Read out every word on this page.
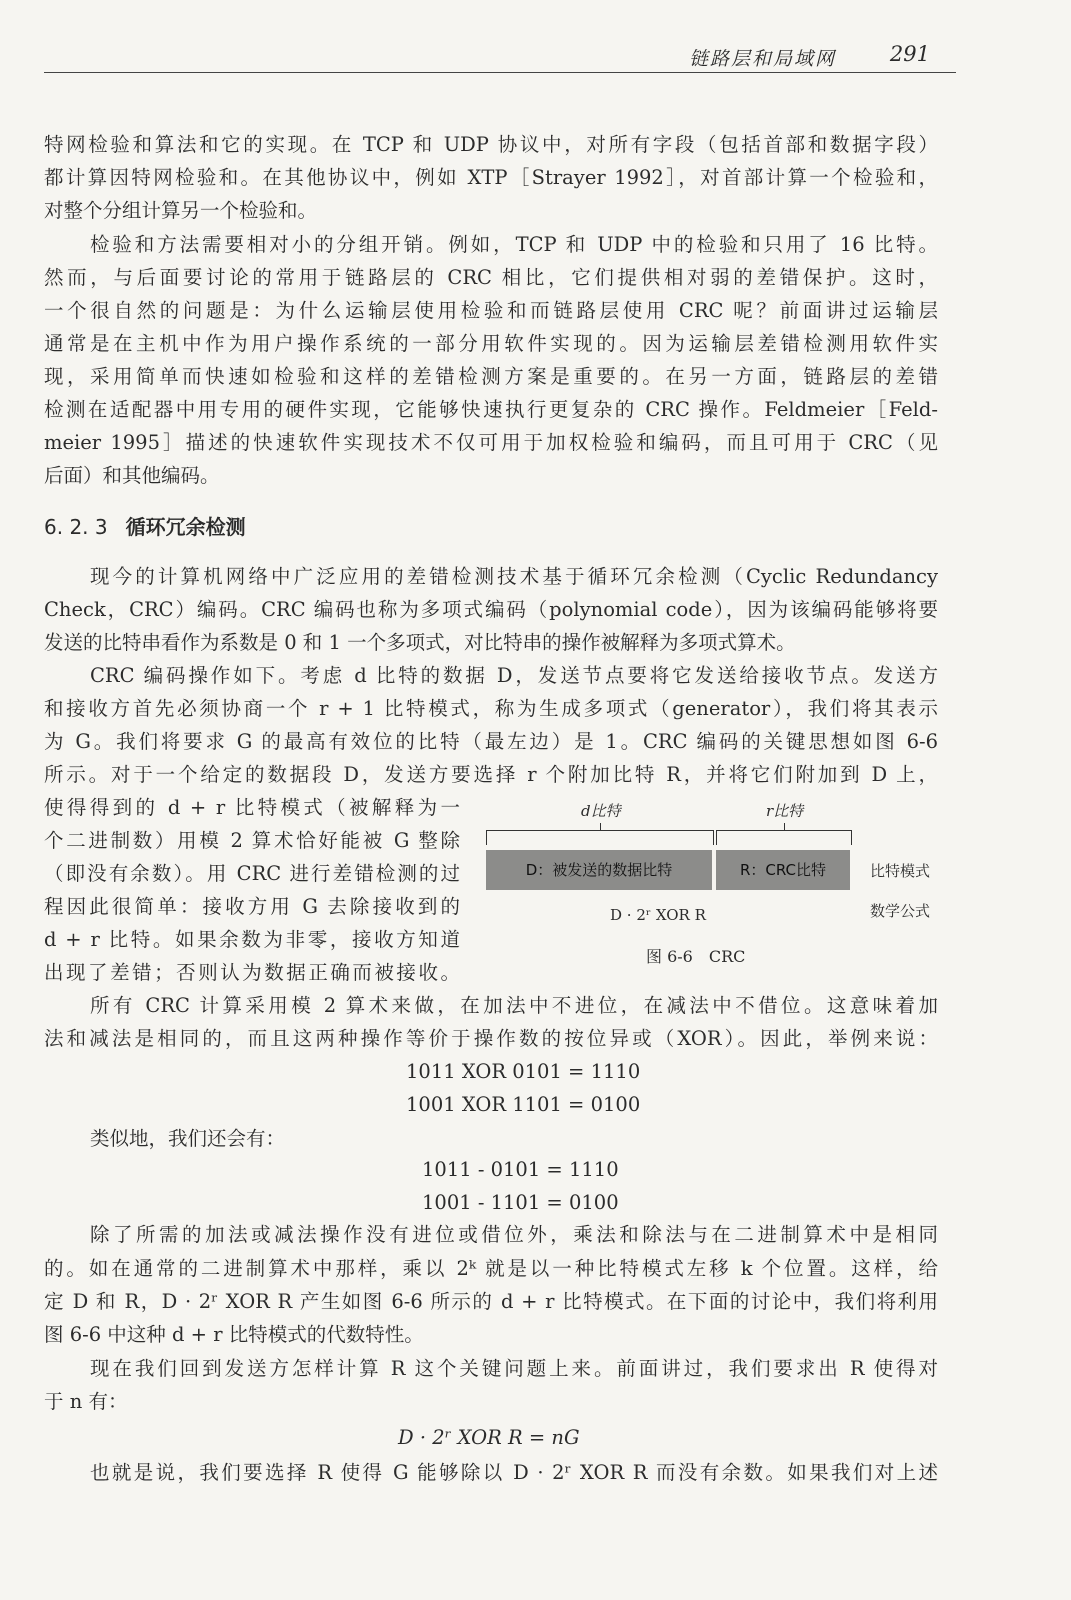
链路层和局域网	291
特网检验和算法和它的实现。在 TCP 和 UDP 协议中，对所有字段（包括首部和数据字段）
都计算因特网检验和。在其他协议中，例如 XTP［Strayer 1992］，对首部计算一个检验和，
对整个分组计算另一个检验和。
检验和方法需要相对小的分组开销。例如，TCP 和 UDP 中的检验和只用了 16 比特。
然而，与后面要讨论的常用于链路层的 CRC 相比，它们提供相对弱的差错保护。这时，
一个很自然的问题是：为什么运输层使用检验和而链路层使用 CRC 呢？前面讲过运输层
通常是在主机中作为用户操作系统的一部分用软件实现的。因为运输层差错检测用软件实
现，采用简单而快速如检验和这样的差错检测方案是重要的。在另一方面，链路层的差错
检测在适配器中用专用的硬件实现，它能够快速执行更复杂的 CRC 操作。Feldmeier［Feld-
meier 1995］描述的快速软件实现技术不仅可用于加权检验和编码，而且可用于 CRC（见
后面）和其他编码。
6. 2. 3 循环冗余检测
现今的计算机网络中广泛应用的差错检测技术基于循环冗余检测（Cyclic Redundancy
Check，CRC）编码。CRC 编码也称为多项式编码（polynomial code），因为该编码能够将要
发送的比特串看作为系数是 0 和 1 一个多项式，对比特串的操作被解释为多项式算术。
CRC 编码操作如下。考虑 d 比特的数据 D，发送节点要将它发送给接收节点。发送方
和接收方首先必须协商一个 r + 1 比特模式，称为生成多项式（generator），我们将其表示
为 G。我们将要求 G 的最高有效位的比特（最左边）是 1。CRC 编码的关键思想如图 6-6
所示。对于一个给定的数据段 D，发送方要选择 r 个附加比特 R，并将它们附加到 D 上，
使得得到的 d + r 比特模式（被解释为一
个二进制数）用模 2 算术恰好能被 G 整除
（即没有余数）。用 CRC 进行差错检测的过
程因此很简单：接收方用 G 去除接收到的
d + r 比特。如果余数为非零，接收方知道
出现了差错；否则认为数据正确而被接收。
d比特	r比特
D：被发送的数据比特	R：CRC比特	比特模式
数学公式
D · 2ʳ XOR R
图 6-6　CRC
所有 CRC 计算采用模 2 算术来做，在加法中不进位，在减法中不借位。这意味着加
法和减法是相同的，而且这两种操作等价于操作数的按位异或（XOR）。因此，举例来说：
1011 XOR 0101 = 1110
1001 XOR 1101 = 0100
类似地，我们还会有：
1011 - 0101 = 1110
1001 - 1101 = 0100
除了所需的加法或减法操作没有进位或借位外，乘法和除法与在二进制算术中是相同
的。如在通常的二进制算术中那样，乘以 2ᵏ 就是以一种比特模式左移 k 个位置。这样，给
定 D 和 R，D · 2ʳ XOR R 产生如图 6-6 所示的 d + r 比特模式。在下面的讨论中，我们将利用
图 6-6 中这种 d + r 比特模式的代数特性。
现在我们回到发送方怎样计算 R 这个关键问题上来。前面讲过，我们要求出 R 使得对
于 n 有：
D · 2ʳ XOR R = nG
也就是说，我们要选择 R 使得 G 能够除以 D · 2ʳ XOR R 而没有余数。如果我们对上述
